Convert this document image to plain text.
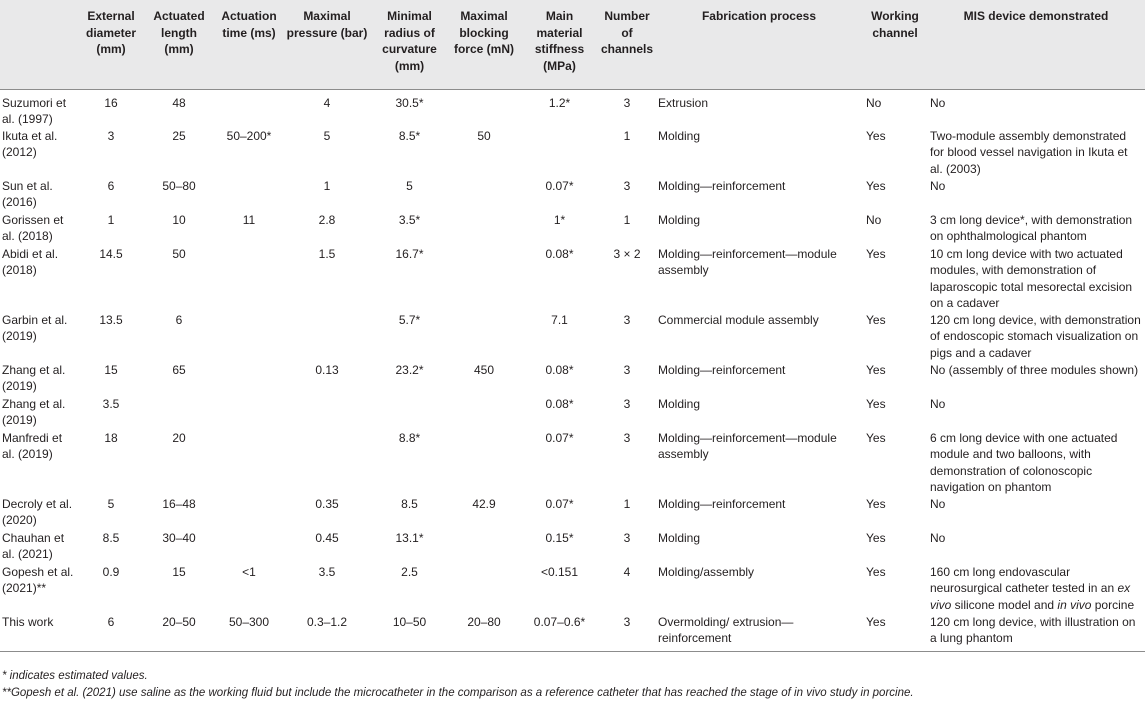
	External diameter (mm)	Actuated length (mm)	Actuation time (ms)	Maximal pressure (bar)	Minimal radius of curvature (mm)	Maximal blocking force (mN)	Main material stiffness (MPa)	Number of channels	Fabrication process	Working channel	MIS device demonstrated
Suzumori et al. (1997)	16	48		4	30.5*		1.2*	3	Extrusion	No	No
Ikuta et al. (2012)	3	25	50–200*	5	8.5*	50		1	Molding	Yes	Two-module assembly demonstrated for blood vessel navigation in Ikuta et al. (2003)
Sun et al. (2016)	6	50–80		1	5		0.07*	3	Molding—reinforcement	Yes	No
Gorissen et al. (2018)	1	10	11	2.8	3.5*		1*	1	Molding	No	3 cm long device*, with demonstration on ophthalmological phantom
Abidi et al. (2018)	14.5	50		1.5	16.7*		0.08*	3 × 2	Molding—reinforcement—module assembly	Yes	10 cm long device with two actuated modules, with demonstration of laparoscopic total mesorectal excision on a cadaver
Garbin et al. (2019)	13.5	6			5.7*		7.1	3	Commercial module assembly	Yes	120 cm long device, with demonstration of endoscopic stomach visualization on pigs and a cadaver
Zhang et al. (2019)	15	65		0.13	23.2*	450	0.08*	3	Molding—reinforcement	Yes	No (assembly of three modules shown)
Zhang et al. (2019)	3.5						0.08*	3	Molding	Yes	No
Manfredi et al. (2019)	18	20			8.8*		0.07*	3	Molding—reinforcement—module assembly	Yes	6 cm long device with one actuated module and two balloons, with demonstration of colonoscopic navigation on phantom
Decroly et al. (2020)	5	16–48		0.35	8.5	42.9	0.07*	1	Molding—reinforcement	Yes	No
Chauhan et al. (2021)	8.5	30–40		0.45	13.1*		0.15*	3	Molding	Yes	No
Gopesh et al. (2021)**	0.9	15	<1	3.5	2.5		<0.151	4	Molding/assembly	Yes	160 cm long endovascular neurosurgical catheter tested in an ex vivo silicone model and in vivo porcine
This work	6	20–50	50–300	0.3–1.2	10–50	20–80	0.07–0.6*	3	Overmolding/ extrusion—reinforcement	Yes	120 cm long device, with illustration on a lung phantom
* indicates estimated values.
**Gopesh et al. (2021) use saline as the working fluid but include the microcatheter in the comparison as a reference catheter that has reached the stage of in vivo study in porcine.
